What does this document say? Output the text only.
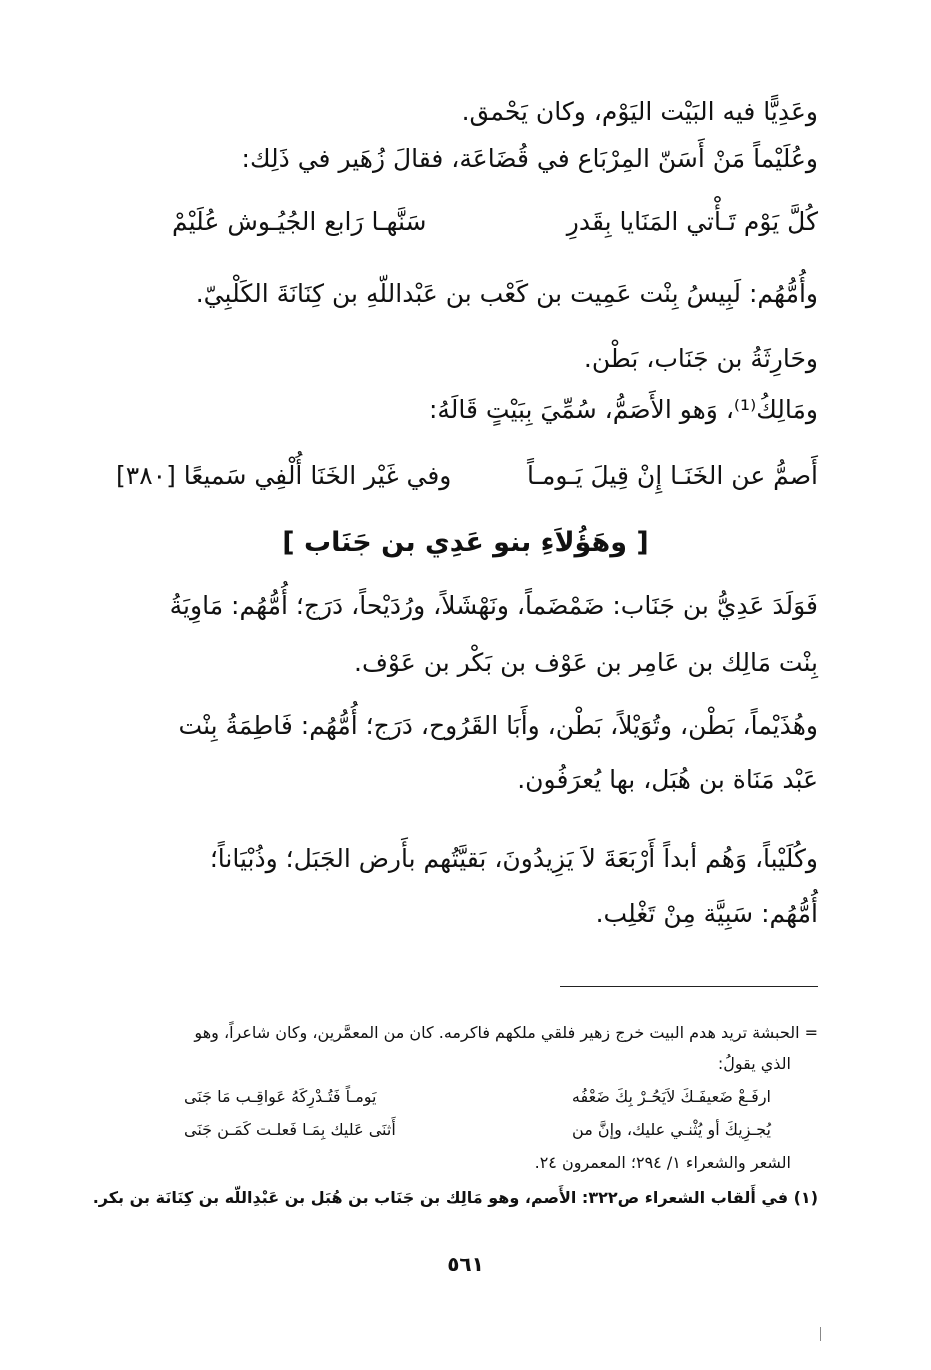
وعَدِيًّا فيه البَيْت اليَوْم، وكان يَحْمق.
وعُلَيْماً مَنْ أَسَنّ المِرْبَاع في قُضَاعَة، فقالَ زُهَير في ذَلِك:
كُلَّ يَوْم تَـأْتي المَنَايا بِقَدرِ
سَنَّهـا رَابع الجُيُـوش عُلَيْمْ
وأُمُّهُم: لَبِيسُ بِنْت عَمِيت بن كَعْب بن عَبْداللّهِ بن كِنَانَةَ الكَلْبِيّ.
وحَارِثَةُ بن جَنَاب، بَطْن.
ومَالِكُ⁽¹⁾، وَهو الأَصَمُّ، سُمِّيَ بِبَيْتٍ قَالَهُ:
أَصمُّ عن الخَنَـا إِنْ قِيلَ يَـومـاً
وفي غَيْر الخَنَا أُلْفِي سَميعًا [٣٨٠]
[ وهَؤُلاَءِ بنو عَدِي بن جَنَاب ]
فَوَلَدَ عَدِيُّ بن جَنَاب: ضَمْضَماً، ونَهْشَلاً، ورُدَيْحاً، دَرَج؛ أُمُّهُم: مَاوِيَةُ
بِنْت مَالِك بن عَامِر بن عَوْف بن بَكْر بن عَوْف.
وهُذَيْماً، بَطْن، وتُوَيْلاً، بَطْن، وأَبَا القَرُوح، دَرَج؛ أُمُّهُم: فَاطِمَةُ بِنْت
عَبْد مَنَاة بن هُبَل، بها يُعرَفُون.
وكُلَيْباً، وَهُم أبداً أَرْبَعَةَ لاَ يَزِيدُونَ، بَقيَّتُهم بأَرض الجَبَل؛ وذُبْيَاناً؛
أُمُّهُم: سَبِيَّة مِنْ تَغْلِب.
= الحبشة تريد هدم البيت خرج زهير فلقي ملكهم فاكرمه. كان من المعمَّرين، وكان شاعراً، وهو
الذي يقولُ:
ارفَـعْ ضَعيفَـكَ لاَيَحُـرْ بِكَ ضَعْفُه
يَومـاً فَتُـدْرِكَهُ عَواقِـب مَا جَنَى
يُجـزِيكَ أو يُثْنـي عليك، وإنَّ من
أَثنَى عَليك بِمَـا فَعلـت كَمَـن جَنَى
الشعر والشعراء ١/ ٢٩٤؛ المعمرون ٢٤.
(١) في أَلقاب الشعراء ص٣٢٢: الأَصم، وهو مَالِك بن جَنَاب بن هُبَل بن عَبْدِاللّه بن كِنَانَة بن بكر.
٥٦١
